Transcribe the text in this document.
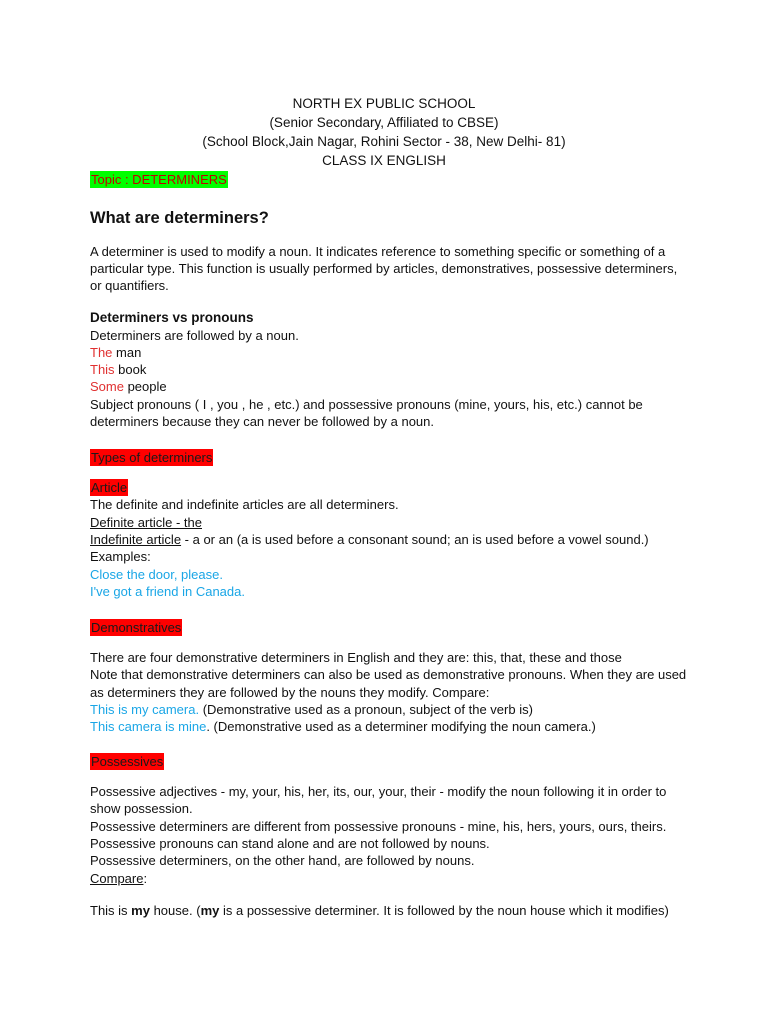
NORTH EX PUBLIC SCHOOL
(Senior Secondary, Affiliated to CBSE)
(School Block,Jain Nagar, Rohini Sector - 38, New Delhi- 81)
CLASS IX ENGLISH
Topic : DETERMINERS
What are determiners?
A determiner is used to modify a noun. It indicates reference to something specific or something of a
particular type. This function is usually performed by articles, demonstratives, possessive determiners,
or quantifiers.
Determiners vs pronouns
Determiners are followed by a noun.
The man
This book
Some people
Subject pronouns ( I , you , he , etc.) and possessive pronouns (mine, yours, his, etc.) cannot be
determiners because they can never be followed by a noun.
Types of determiners
Article
The definite and indefinite articles are all determiners.
Definite article - the
Indefinite article - a or an (a is used before a consonant sound; an is used before a vowel sound.)
Examples:
Close the door, please.
I've got a friend in Canada.
Demonstratives
There are four demonstrative determiners in English and they are: this, that, these and those
Note that demonstrative determiners can also be used as demonstrative pronouns. When they are used
as determiners they are followed by the nouns they modify. Compare:
This is my camera. (Demonstrative used as a pronoun, subject of the verb is)
This camera is mine. (Demonstrative used as a determiner modifying the noun camera.)
Possessives
Possessive adjectives - my, your, his, her, its, our, your, their - modify the noun following it in order to
show possession.
Possessive determiners are different from possessive pronouns - mine, his, hers, yours, ours, theirs.
Possessive pronouns can stand alone and are not followed by nouns.
Possessive determiners, on the other hand, are followed by nouns.
Compare:
This is my house. (my is a possessive determiner. It is followed by the noun house which it modifies)
